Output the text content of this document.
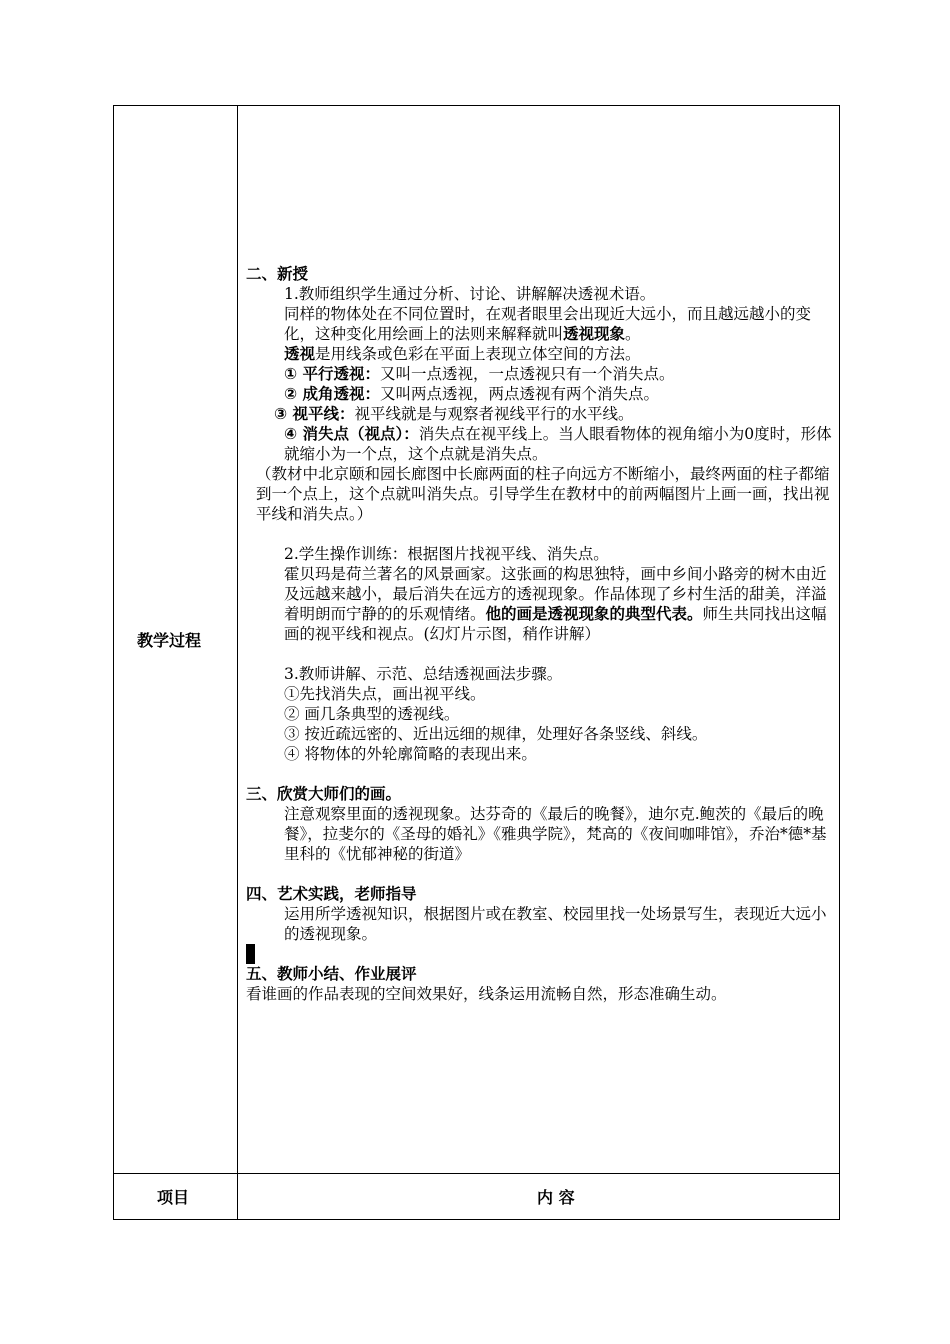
教学过程
项目	内 容

二、新授

1.教师组织学生通过分析、讨论、讲解解决透视术语。

同样的物体处在不同位置时，在观者眼里会出现近大远小，而且越远越小的变化，这种变化用绘画上的法则来解释就叫透视现象。

透视是用线条或色彩在平面上表现立体空间的方法。

① 平行透视：又叫一点透视，一点透视只有一个消失点。

② 成角透视：又叫两点透视，两点透视有两个消失点。

③ 视平线：视平线就是与观察者视线平行的水平线。

④ 消失点（视点）：消失点在视平线上。当人眼看物体的视角缩小为0度时，形体就缩小为一个点，这个点就是消失点。

（教材中北京颐和园长廊图中长廊两面的柱子向远方不断缩小，最终两面的柱子都缩到一个点上，这个点就叫消失点。引导学生在教材中的前两幅图片上画一画，找出视平线和消失点。）

2.学生操作训练：根据图片找视平线、消失点。

霍贝玛是荷兰著名的风景画家。这张画的构思独特，画中乡间小路旁的树木由近及远越来越小，最后消失在远方的透视现象。作品体现了乡村生活的甜美，洋溢着明朗而宁静的的乐观情绪。他的画是透视现象的典型代表。师生共同找出这幅画的视平线和视点。(幻灯片示图，稍作讲解）

3.教师讲解、示范、总结透视画法步骤。

①先找消失点，画出视平线。

② 画几条典型的透视线。

③ 按近疏远密的、近出远细的规律，处理好各条竖线、斜线。

④ 将物体的外轮廓简略的表现出来。

三、欣赏大师们的画。

注意观察里面的透视现象。达芬奇的《最后的晚餐》，迪尔克.鲍茨的《最后的晚餐》，拉斐尔的《圣母的婚礼》《雅典学院》，梵高的《夜间咖啡馆》，乔治*德*基里科的《忧郁神秘的街道》

四、艺术实践，老师指导

运用所学透视知识，根据图片或在教室、校园里找一处场景写生，表现近大远小的透视现象。

五、教师小结、作业展评

看谁画的作品表现的空间效果好，线条运用流畅自然，形态准确生动。
